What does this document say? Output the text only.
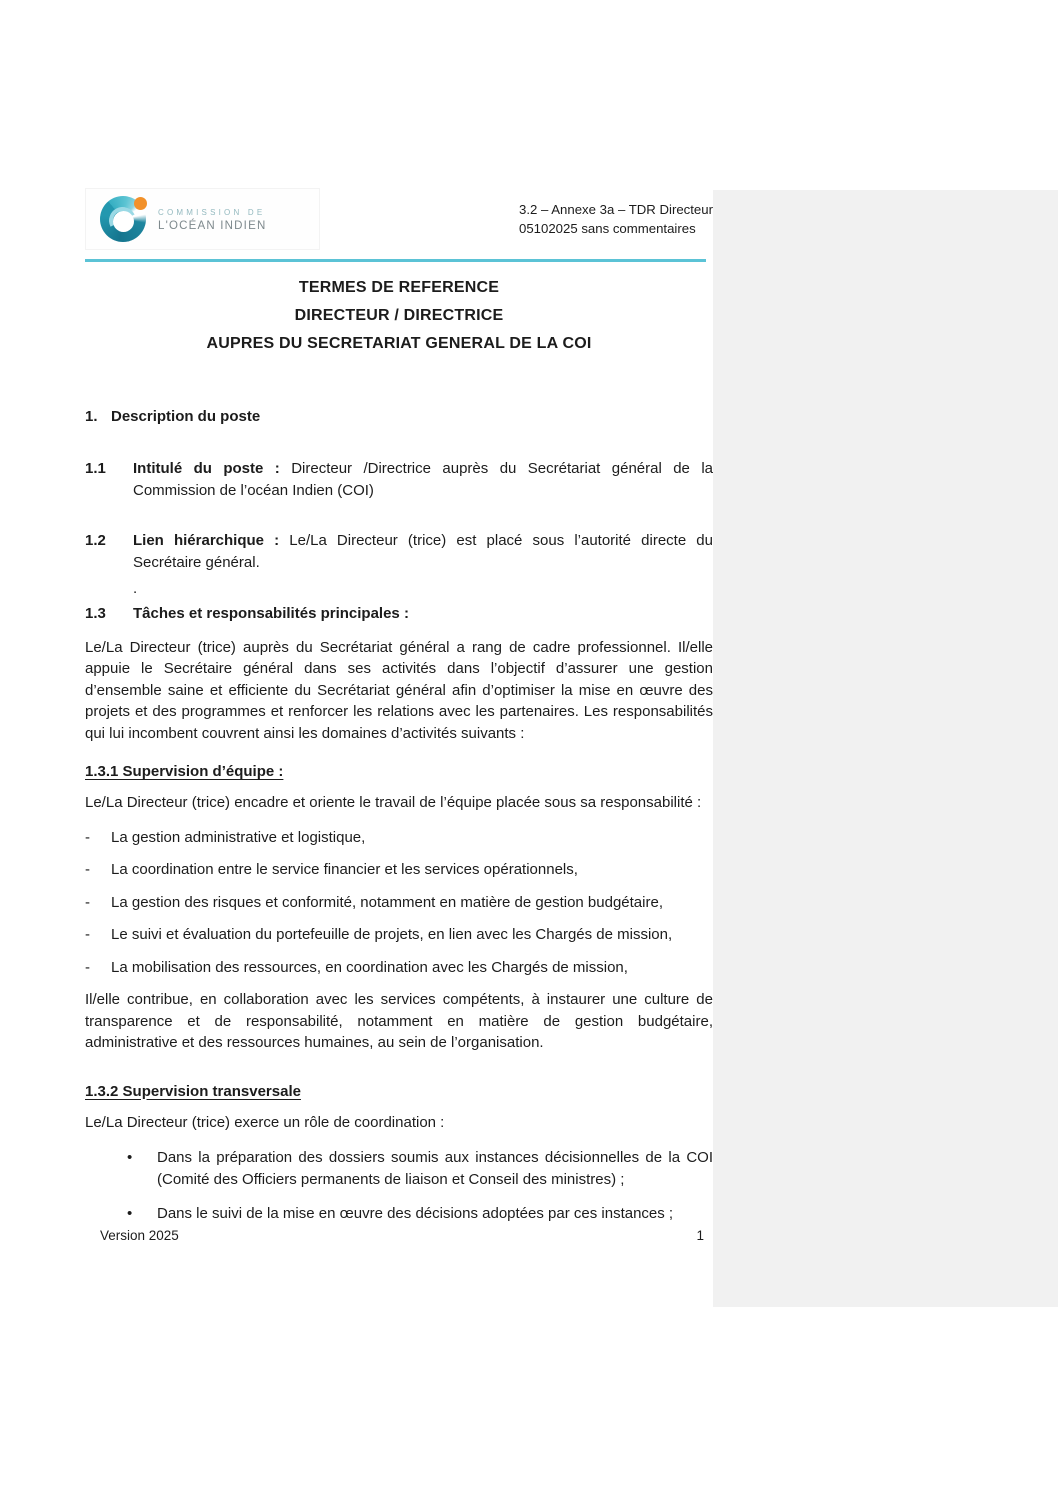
COMMISSION DE
L'OCÉAN INDIEN
3.2 – Annexe 3a – TDR Directeur
05102025 sans commentaires
TERMES DE REFERENCE
DIRECTEUR / DIRECTRICE
AUPRES DU SECRETARIAT GENERAL DE LA COI
1. Description du poste
1.1	Intitulé du poste : Directeur /Directrice auprès du Secrétariat général de la Commission de l’océan Indien (COI)
1.2	Lien hiérarchique : Le/La Directeur (trice) est placé sous l’autorité directe du Secrétaire général.
.
1.3	Tâches et responsabilités principales :
Le/La Directeur (trice) auprès du Secrétariat général a rang de cadre professionnel. Il/elle appuie le Secrétaire général dans ses activités dans l’objectif d’assurer une gestion d’ensemble saine et efficiente du Secrétariat général afin d’optimiser la mise en œuvre des projets et des programmes et renforcer les relations avec les partenaires. Les responsabilités qui lui incombent couvrent ainsi les domaines d’activités suivants :
1.3.1 Supervision d’équipe :
Le/La Directeur (trice) encadre et oriente le travail de l’équipe placée sous sa responsabilité :
-	La gestion administrative et logistique,
-	La coordination entre le service financier et les services opérationnels,
-	La gestion des risques et conformité, notamment en matière de gestion budgétaire,
-	Le suivi et évaluation du portefeuille de projets, en lien avec les Chargés de mission,
-	La mobilisation des ressources, en coordination avec les Chargés de mission,
Il/elle contribue, en collaboration avec les services compétents, à instaurer une culture de transparence et de responsabilité, notamment en matière de gestion budgétaire, administrative et des ressources humaines, au sein de l’organisation.
1.3.2 Supervision transversale
Le/La Directeur (trice) exerce un rôle de coordination :
•	Dans la préparation des dossiers soumis aux instances décisionnelles de la COI (Comité des Officiers permanents de liaison et Conseil des ministres) ;
•	Dans le suivi de la mise en œuvre des décisions adoptées par ces instances ;
Version 2025	1
